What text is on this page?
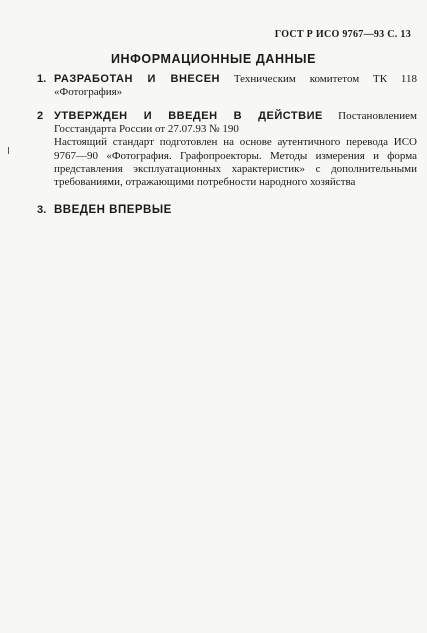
ГОСТ Р ИСО 9767—93 С. 13
ИНФОРМАЦИОННЫЕ ДАННЫЕ
1. РАЗРАБОТАН И ВНЕСЕН Техническим комитетом ТК 118 «Фотография»
2 УТВЕРЖДЕН И ВВЕДЕН В ДЕЙСТВИЕ Постановлением Госстандарта России от 27.07.93 № 190
Настоящий стандарт подготовлен на основе аутентичного перевода ИСО 9767—90 «Фотография. Графопроекторы. Методы измерения и форма представления эксплуатационных характеристик» с дополнительными требованиями, отражающими потребности народного хозяйства
3. ВВЕДЕН ВПЕРВЫЕ
